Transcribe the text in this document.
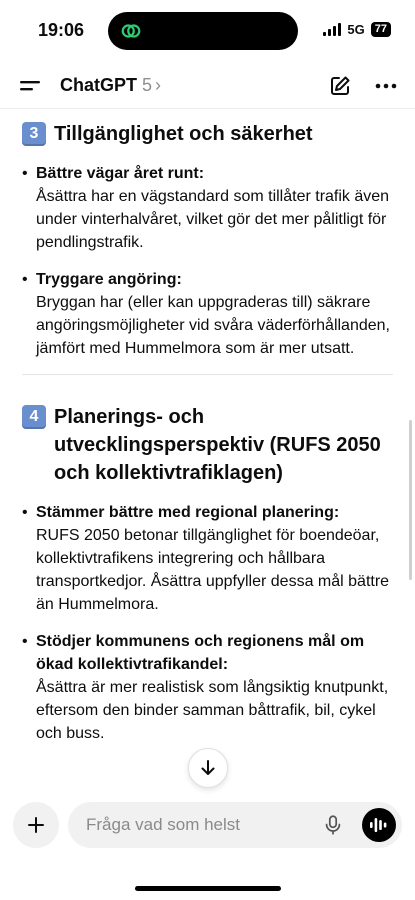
19:06	5G 77
ChatGPT 5 ›
3 Tillgänglighet och säkerhet
• Bättre vägar året runt:
Åsättra har en vägstandard som tillåter trafik även under vinterhalvåret, vilket gör det mer pålitligt för pendlingstrafik.
• Tryggare angöring:
Bryggan har (eller kan uppgraderas till) säkrare angöringsmöjligheter vid svåra väderförhållanden, jämfört med Hummelmora som är mer utsatt.
4 Planerings- och utvecklingsperspektiv (RUFS 2050 och kollektivtrafiklagen)
• Stämmer bättre med regional planering:
RUFS 2050 betonar tillgänglighet för boendeöar, kollektivtrafikens integrering och hållbara transportkedjor. Åsättra uppfyller dessa mål bättre än Hummelmora.
• Stödjer kommunens och regionens mål om ökad kollektivtrafikandel:
Åsättra är mer realistisk som långsiktig knutpunkt, eftersom den binder samman båttrafik, bil, cykel och buss.
Fråga vad som helst
